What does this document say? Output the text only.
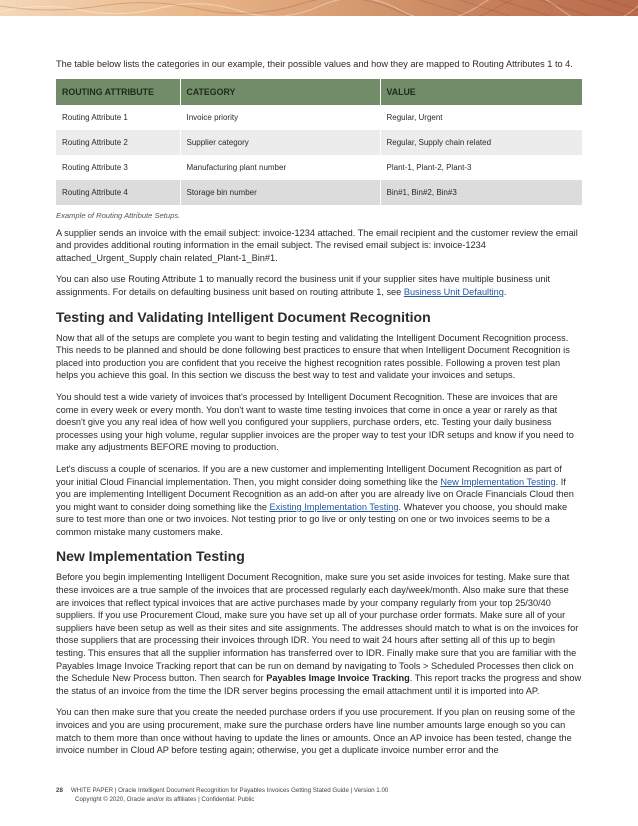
The table below lists the categories in our example, their possible values and how they are mapped to Routing Attributes 1 to 4.

ROUTING ATTRIBUTE	CATEGORY	VALUE
Routing Attribute 1	Invoice priority	Regular, Urgent
Routing Attribute 2	Supplier category	Regular, Supply chain related
Routing Attribute 3	Manufacturing plant number	Plant-1, Plant-2, Plant-3
Routing Attribute 4	Storage bin number	Bin#1, Bin#2, Bin#3
Example of Routing Attribute Setups.

A supplier sends an invoice with the email subject: invoice-1234 attached. The email recipient and the customer review the email and provides additional routing information in the email subject. The revised email subject is: invoice-1234 attached_Urgent_Supply chain related_Plant-1_Bin#1.

You can also use Routing Attribute 1 to manually record the business unit if your supplier sites have multiple business unit assignments. For details on defaulting business unit based on routing attribute 1, see Business Unit Defaulting.

Testing and Validating Intelligent Document Recognition

Now that all of the setups are complete you want to begin testing and validating the Intelligent Document Recognition process. This needs to be planned and should be done following best practices to ensure that when Intelligent Document Recognition is placed into production you are confident that you receive the highest recognition rates possible. Following a proven test plan helps you achieve this goal. In this section we discuss the best way to test and validate your invoices and setups.

You should test a wide variety of invoices that's processed by Intelligent Document Recognition. These are invoices that are come in every week or every month. You don't want to waste time testing invoices that come in once a year or rarely as that doesn't give you any real idea of how well you configured your suppliers, purchase orders, etc. Testing your daily business processes using your high volume, regular supplier invoices are the proper way to test your IDR setups and know if you need to make any adjustments BEFORE moving to production.

Let's discuss a couple of scenarios. If you are a new customer and implementing Intelligent Document Recognition as part of your initial Cloud Financial implementation. Then, you might consider doing something like the New Implementation Testing. If you are implementing Intelligent Document Recognition as an add-on after you are already live on Oracle Financials Cloud then you might want to consider doing something like the Existing Implementation Testing. Whatever you choose, you should make sure to test more than one or two invoices. Not testing prior to go live or only testing on one or two invoices seems to be a common mistake many customers make.

New Implementation Testing

Before you begin implementing Intelligent Document Recognition, make sure you set aside invoices for testing. Make sure that these invoices are a true sample of the invoices that are processed regularly each day/week/month. Also make sure that these are invoices that reflect typical invoices that are active purchases made by your company regularly from your top 25/30/40 suppliers. If you use Procurement Cloud, make sure you have set up all of your purchase order formats. Make sure all of your suppliers have been setup as well as their sites and site assignments. The addresses should match to what is on the invoices for those suppliers that are processing their invoices through IDR. You need to wait 24 hours after setting all of this up to begin testing. This ensures that all the supplier information has transferred over to IDR. Finally make sure that you are familiar with the Payables Image Invoice Tracking report that can be run on demand by navigating to Tools > Scheduled Processes then click on the Schedule New Process button. Then search for Payables Image Invoice Tracking. This report tracks the progress and show the status of an invoice from the time the IDR server begins processing the email attachment until it is imported into AP.

You can then make sure that you create the needed purchase orders if you use procurement. If you plan on reusing some of the invoices and you are using procurement, make sure the purchase orders have line number amounts large enough so you can match to them more than once without having to update the lines or amounts. Once an AP invoice has been tested, change the invoice number in Cloud AP before testing again; otherwise, you get a duplicate invoice number error and the

28 WHITE PAPER | Oracle Intelligent Document Recognition for Payables Invoices Getting Stated Guide | Version 1.00
Copyright © 2020, Oracle and/or its affiliates | Confidential: Public
